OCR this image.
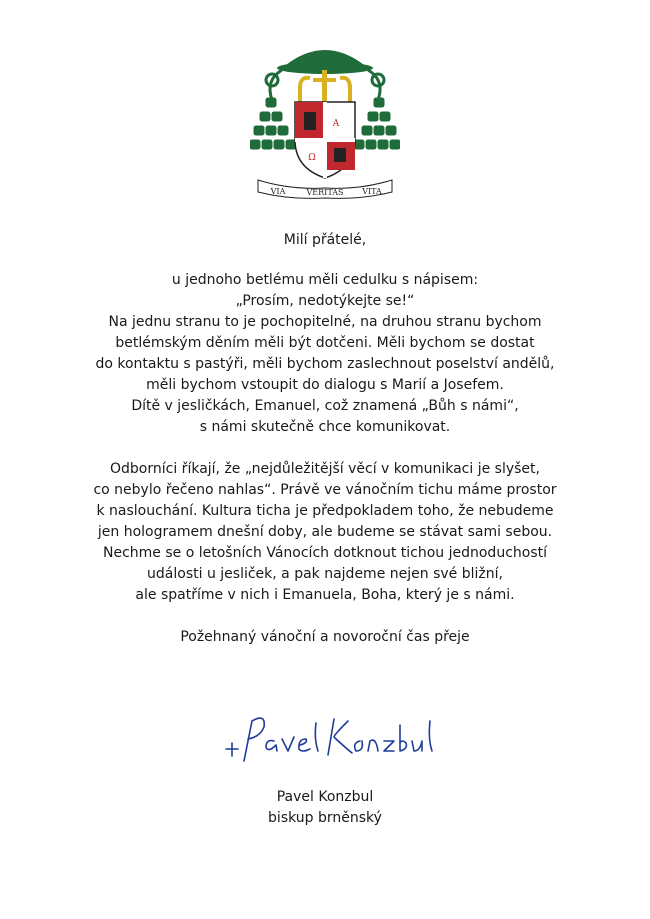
Α
Ω
VIA	VERITAS VITA

Milí přátelé,

u jednoho betlému měli cedulku s nápisem:
„Prosím, nedotýkejte se!“
Na jednu stranu to je pochopitelné, na druhou stranu bychom
betlémským děním měli být dotčeni. Měli bychom se dostat
do kontaktu s pastýři, měli bychom zaslechnout poselství andělů,
měli bychom vstoupit do dialogu s Marií a Josefem.
Dítě v jesličkách, Emanuel, což znamená „Bůh s námi“,
s námi skutečně chce komunikovat.

Odborníci říkají, že „nejdůležitější věcí v komunikaci je slyšet,
co nebylo řečeno nahlas“. Právě ve vánočním tichu máme prostor
k naslouchání. Kultura ticha je předpokladem toho, že nebudeme
jen hologramem dnešní doby, ale budeme se stávat sami sebou.
Nechme se o letošních Vánocích dotknout tichou jednoduchostí
události u jesliček, a pak najdeme nejen své bližní,
ale spatříme v nich i Emanuela, Boha, který je s námi.

Požehnaný vánoční a novoroční čas přeje

Pavel Konzbul
biskup brněnský
